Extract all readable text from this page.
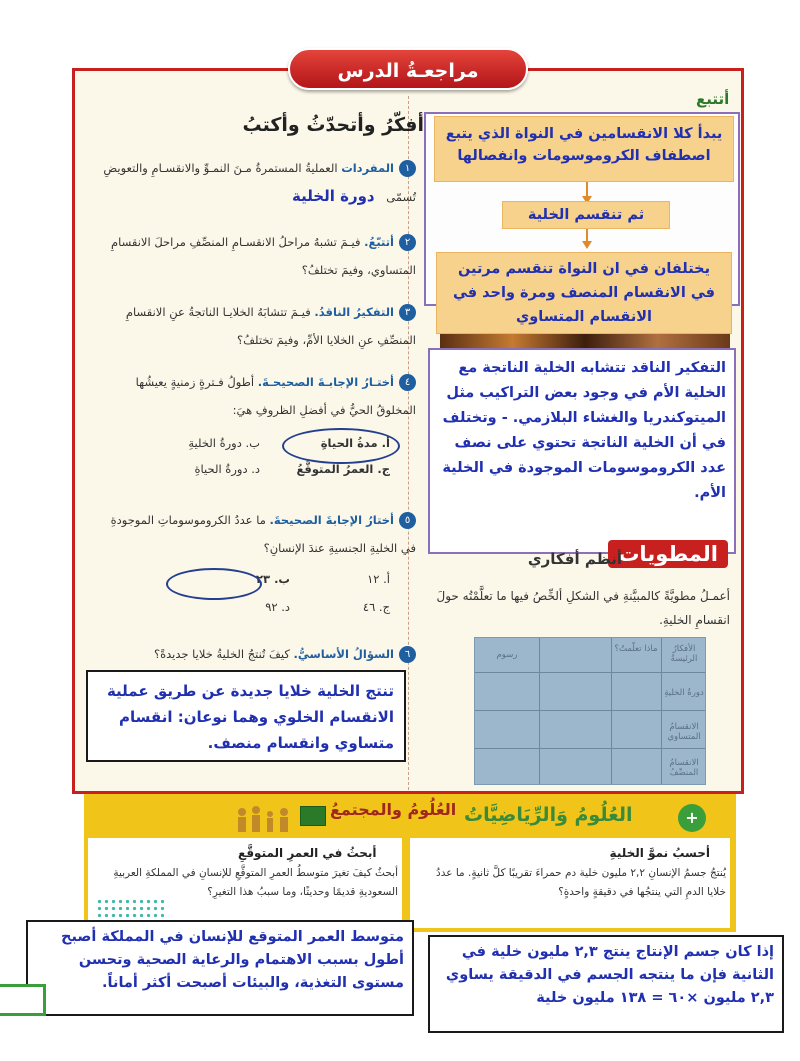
مراجعـةُ الدرس
أفكّرُ وأتحدّثُ وأكتبُ
١المفردات العمليةُ المستمرةُ مـنَ النمـوِّ والانقسـامِ والتعويضِ تُسمّى دورة الخلية
٢أتتبّعُ. فيـمَ تشبهُ مراحلُ الانقسـامِ المنصِّفِ مراحلَ الانقسامِ المتساوي، وفيمَ تختلفُ؟
٣التفكيرُ الناقدُ. فيـمَ تتشابَهُ الخلايـا الناتجةُ عنِ الانقسامِ المنصِّفِ عنِ الخلايا الأمِّ، وفيمَ تختلفُ؟
٤أختـارُ الإجابـةَ الصحيحـةَ. أطولُ فـترةٍ زمنيةٍ يعيشُها المخلوقُ الحيُّ في أفضلِ الظروفِ هيَ:
أ. مدةُ الحياةِ
ب. دورةُ الخليةِ
ج. العمرُ المتوقَّعُ
د. دورةُ الحياةِ
٥أختارُ الإجابةَ الصحيحةَ. ما عددُ الكروموسوماتِ الموجودةِ في الخليةِ الجنسيةِ عندَ الإنسانِ؟
أ. ١٢
ب. ٢٣
ج. ٤٦
د. ٩٢
٦السؤالُ الأساسيُّ. كيفَ تُنتجُ الخليةُ خلايا جديدةً؟
تنتج الخلية خلايا جديدة عن طريق عملية الانقسام الخلوي وهما نوعان: انقسام متساوي وانقسام منصف.
أتتبع
يبدأ كلا الانقسامين في النواة الذي يتبع اصطفاف الكروموسومات وانفصالها
ثم تنقسم الخلية
يختلفان في ان النواة تنقسم مرتين في الانقسام المنصف ومرة واحد في الانقسام المتساوي
التفكير الناقد تتشابه الخلية الناتجة مع الخلية الأم في وجود بعض التراكيب مثل الميتوكندريا والغشاء البلازمي. - وتختلف في أن الخلية الناتجة تحتوي على نصف عدد الكروموسومات الموجودة في الخلية الأم.
المطويات
أنظم أفكاري
أعمـلُ مطويَّةً كالمبيَّنةِ في الشكلِ ألخِّصُ فيها ما تعلَّمْتُه حولَ انقسامِ الخليةِ.
الأفكارُ الرئيسةُ
ماذا تعلّمتُ؟
رسوم
دورةُ الخليةِ
الانقسامُ المتساوي
الانقسامُ المنصِّفُ
+
العُلُومُ وَالرِّيَاضِيَّاتُ
أحسبُ نموَّ الخليةِ
يُنتجُ جسمُ الإنسانِ ٢,٢ مليون خلية دم حمراءَ تقريبًا كلَّ ثانيةٍ. ما عددُ خلايا الدمِ التي ينتجُها في دقيقةٍ واحدةٍ؟
العُلُومُ والمجتمعُ
أبحثُ في العمرِ المتوقَّعِ
أبحثُ كيفَ تغيرَ متوسطُ العمرِ المتوقَّعِ للإنسانِ في المملكةِ العربيةِ السعوديةِ قديمًا وحديثًا، وما سببُ هذا التغيرِ؟
متوسط العمر المتوقع للإنسان في المملكة أصبح أطول بسبب الاهتمام والرعاية الصحية وتحسن مستوى التغذية، والبيئات أصبحت أكثر أماناً.
إذا كان جسم الإنتاج ينتج ٢,٣ مليون خلية في الثانية فإن ما ينتجه الجسم في الدقيقة يساوي ٢,٣ مليون ×٦٠ = ١٣٨ مليون خلية
